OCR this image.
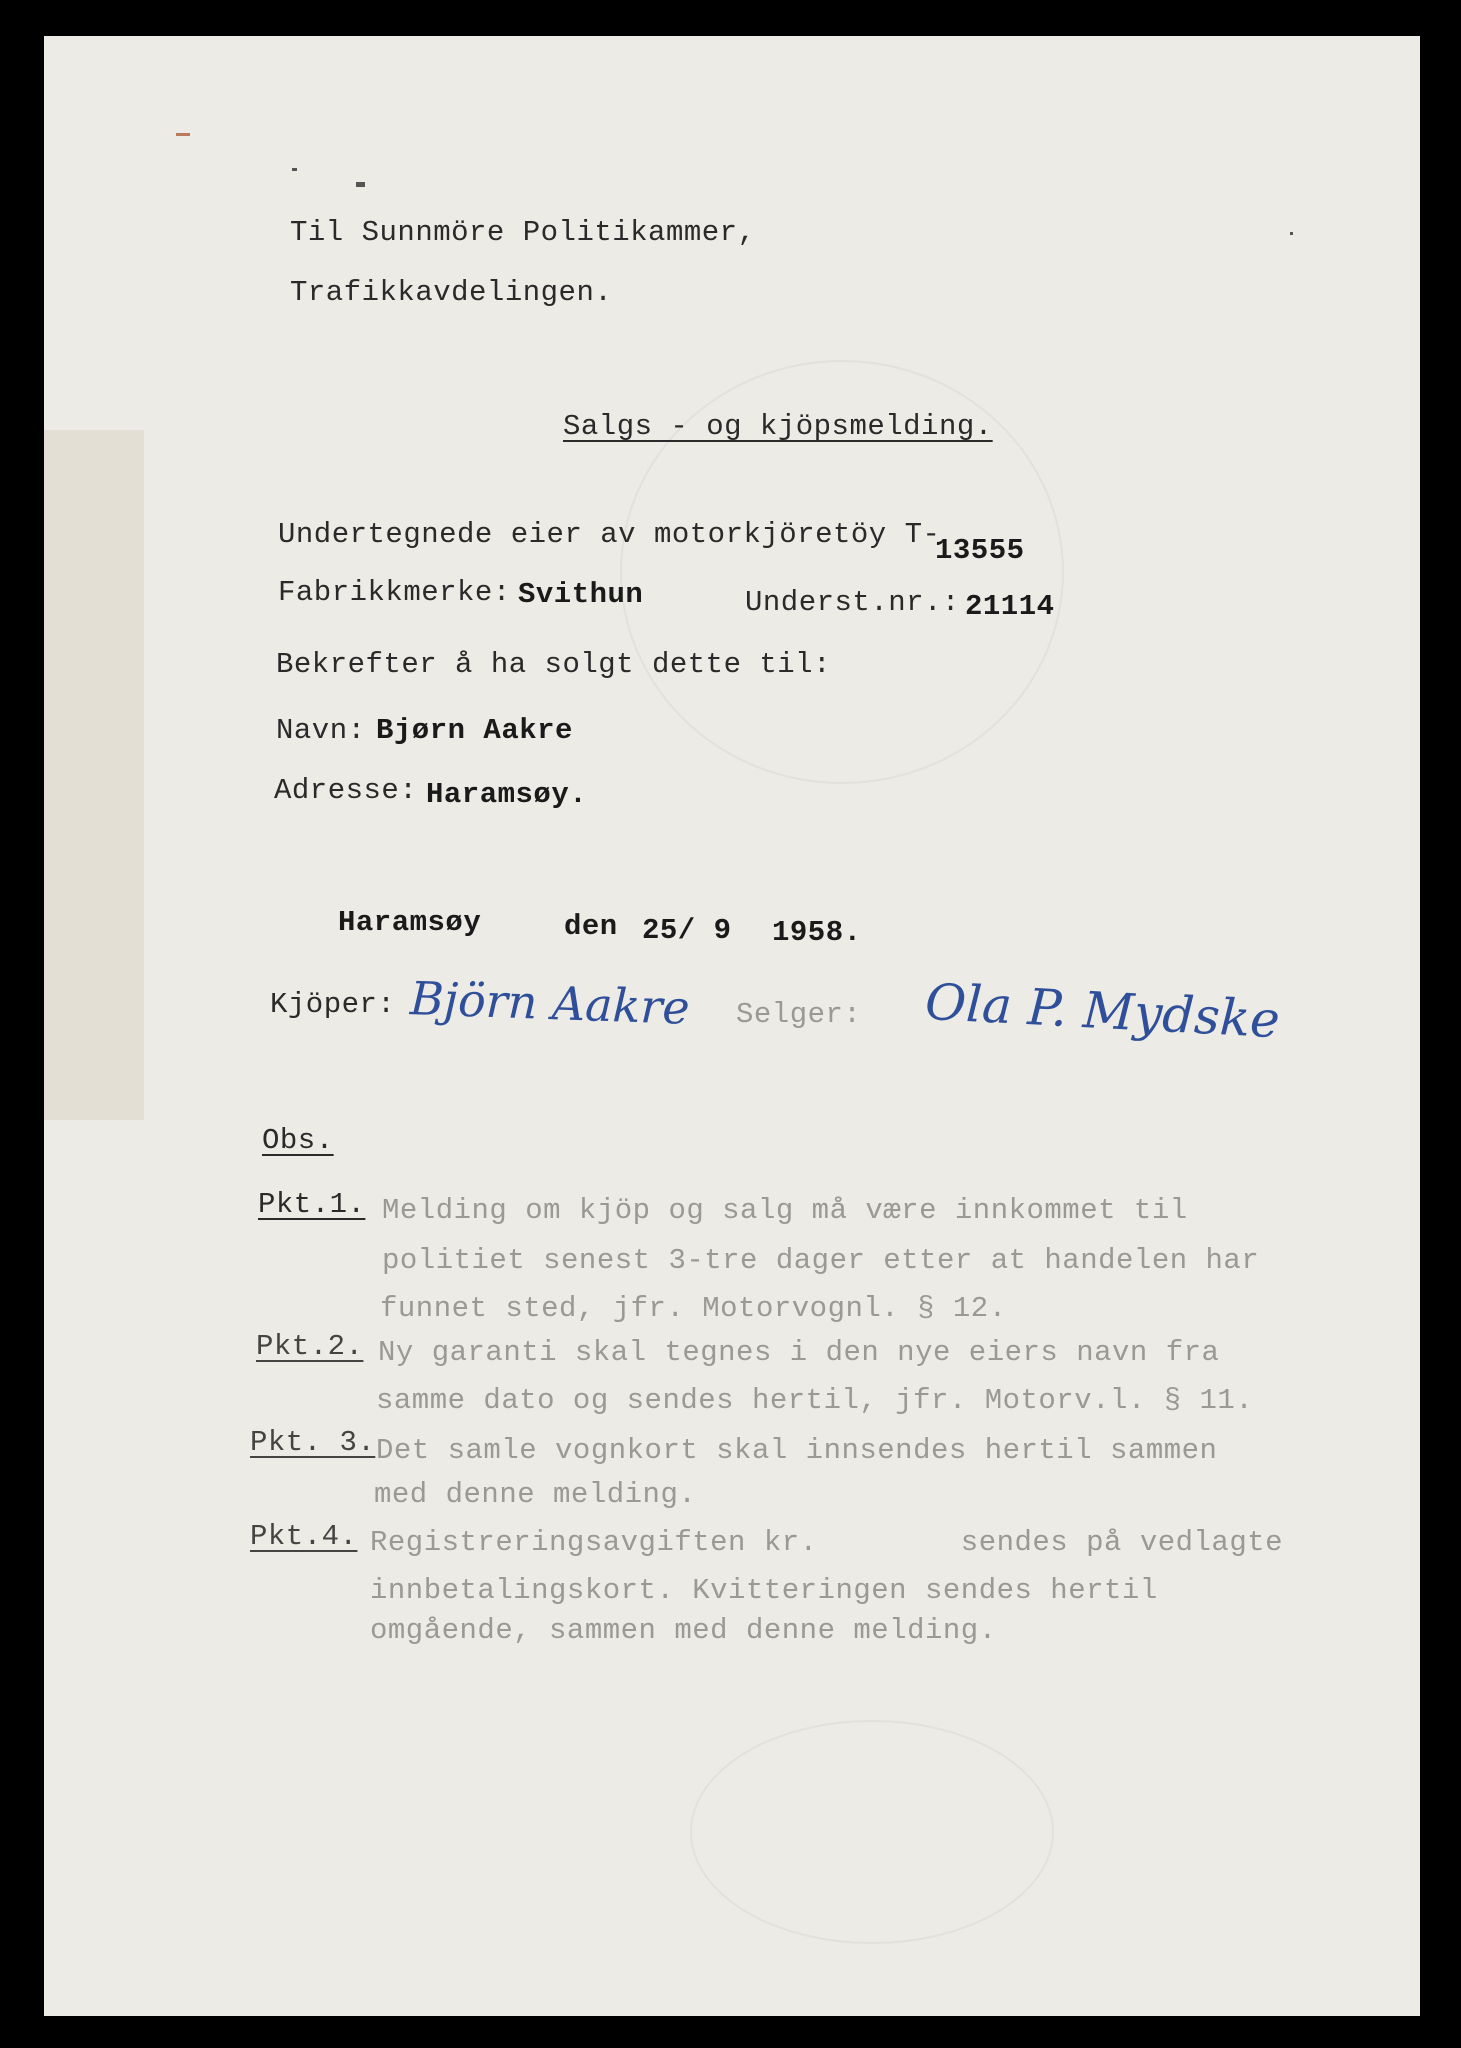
Til Sunnmöre Politikammer,
Trafikkavdelingen.
Salgs - og kjöpsmelding.
Undertegnede eier av motorkjöretöy T-
13555
Fabrikkmerke: Svithun	Underst.nr.: 21114
Bekrefter å ha solgt dette til:
Navn: Bjørn Aakre
Adresse: Haramsøy.
Haramsøy	den 25/ 9 1958.
Kjöper: Björn Aakre Selger: Ola P. Mydske
Obs.
Pkt.1. Melding om kjöp og salg må være innkommet til
politiet senest 3-tre dager etter at handelen har
funnet sted, jfr. Motorvognl. § 12.
Pkt.2. Ny garanti skal tegnes i den nye eiers navn fra
samme dato og sendes hertil, jfr. Motorv.l. § 11.
Pkt. 3. Det samle vognkort skal innsendes hertil sammen
med denne melding.
Pkt.4. Registreringsavgiften kr.        sendes på vedlagte
innbetalingskort. Kvitteringen sendes hertil
omgående, sammen med denne melding.
